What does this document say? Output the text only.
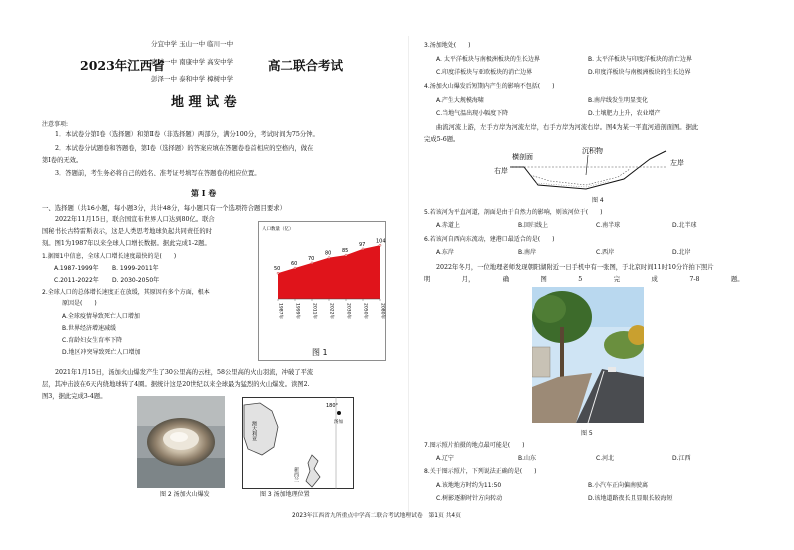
2023年江西省
分宜中学 玉山一中 临川一中
南城一中 南康中学 高安中学
彭泽一中 泰和中学 樟树中学
高二联合考试
地 理 试 卷
注意事项:
1．本试卷分第Ⅰ卷（选择题）和第Ⅱ卷（非选择题）两部分，满分100分，考试时间为75分钟。
2．本试卷分试题卷和答题卷，第Ⅰ卷（选择题）的答案应填在答题卷卷首相应的空格内，做在
第Ⅰ卷的无效。
3．答题前，考生务必将自己的姓名、准考证号填写在答题卷的相应位置。
第 Ⅰ 卷
一、选择题（共16小题，每小题3分，共计48分，每小题只有一个选项符合题目要求）
2022年11月15日，联合国宣布世界人口达到80亿。联合
国秘书长古特雷斯表示，这是人类思考地球负起共同责任的时
刻。图1为1987年以来全球人口增长数据。据此完成1-2题。
1.据图1中信息，全球人口增长速度最快的是(　　)
A.1987-1999年 B. 1999-2011年
C.2011-2022年 D. 2030-2050年
2.全球人口的总体增长速度正在放缓，其原因有多个方面，根本
原因是(　　)
A.全球疫情导致死亡人口增加
B.世界经济增速减缓
C.育龄妇女生育率下降
D.地区冲突导致死亡人口增加
人口数量（亿）
50
1987年
60
1999年
70
2011年
80
2022年
85
2030年
97
2050年
104
2080年
图 1
2021年1月15日，汤加火山爆发产生了30公里高的云柱，58公里高的火山羽流，冲破了平流
层，其冲击波在6天内绕地球转了4圈。据统计这是20世纪以来全球最为猛烈的火山爆发。读图2.
图3，据此完成3-4题。
图 2 汤加火山爆发
180°
汤加
澳大利亚
新西兰
图 3 汤加地理位置
3.汤加地处(　　)
A. 太平洋板块与南极洲板块的生长边界	B. 太平洋板块与印度洋板块的消亡边界
C.印度洋板块与亚欧板块的消亡边界	D.印度洋板块与南极洲板块的生长边界
4.汤加火山爆发后短期内产生的影响不包括(　　)
A.产生大规模海啸	B.南岸线发生明显变化
C.当地气温出现小幅度下降	D.土壤肥力上升，农业增产
曲流河流上游，左手方岸为河流左岸，右手方岸为河流右岸。图4为某一平直河道剖面图。据此
完成5-6题。
横剖面
沉积物
右岸
左岸
图 4
5.若该河为平直河道，剖面是由于自然力的影响，则该河位于(　　)
A.赤道上	B.回归线上	C.南半球	D.北半球
6.若该河自西向东流动，建港口最适合的是(　　)
A.东岸	B.南岸	C.西岸	D.北岸
2022年冬月，一位地理老师发现朝阳湖附近一日手机中有一张图，于北京时间11时10分许拍下照片
明　　　　　月，　　　　　确　　　　　图　　　　　5　　　　　完　　　　　成　　　　　7-8　　　　　题。
图 5
7.图示照片拍摄的地点最可能是(　　)
A.辽宁	B.山东	C.河北	D.江西
8.关于图示照片，下列说法正确的是(　　)
A.该地地方时约为11:50	B.小汽车正向偏南驶离
C.树影逐渐时针方向转动	D.该地道路夜长且显眼长较海短
2023年江西省九所重点中学高二联合考试地理试卷　第1页 共4页
